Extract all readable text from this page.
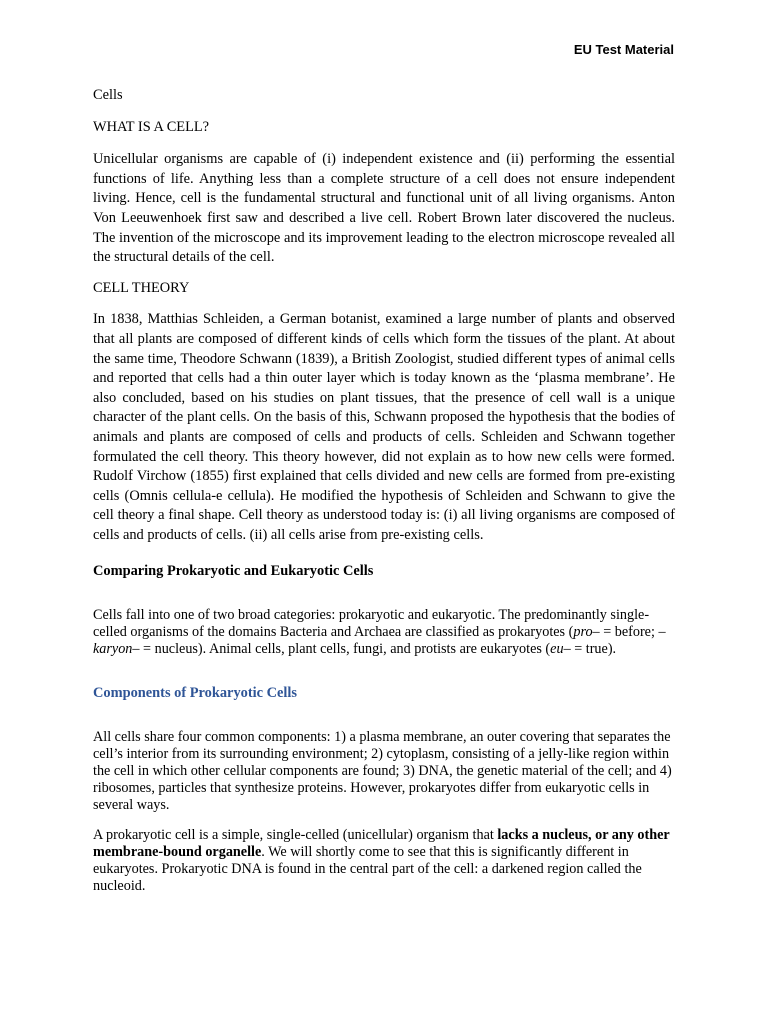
EU Test Material

Cells

WHAT IS A CELL?

Unicellular organisms are capable of (i) independent existence and (ii) performing the essential functions of life. Anything less than a complete structure of a cell does not ensure independent living. Hence, cell is the fundamental structural and functional unit of all living organisms. Anton Von Leeuwenhoek first saw and described a live cell. Robert Brown later discovered the nucleus. The invention of the microscope and its improvement leading to the electron microscope revealed all the structural details of the cell.

CELL THEORY

In 1838, Matthias Schleiden, a German botanist, examined a large number of plants and observed that all plants are composed of different kinds of cells which form the tissues of the plant. At about the same time, Theodore Schwann (1839), a British Zoologist, studied different types of animal cells and reported that cells had a thin outer layer which is today known as the ‘plasma membrane’. He also concluded, based on his studies on plant tissues, that the presence of cell wall is a unique character of the plant cells. On the basis of this, Schwann proposed the hypothesis that the bodies of animals and plants are composed of cells and products of cells. Schleiden and Schwann together formulated the cell theory. This theory however, did not explain as to how new cells were formed. Rudolf Virchow (1855) first explained that cells divided and new cells are formed from pre-existing cells (Omnis cellula-e cellula). He modified the hypothesis of Schleiden and Schwann to give the cell theory a final shape. Cell theory as understood today is: (i) all living organisms are composed of cells and products of cells. (ii) all cells arise from pre-existing cells.

Comparing Prokaryotic and Eukaryotic Cells

Cells fall into one of two broad categories: prokaryotic and eukaryotic. The predominantly single-celled organisms of the domains Bacteria and Archaea are classified as prokaryotes (pro– = before; –karyon– = nucleus). Animal cells, plant cells, fungi, and protists are eukaryotes (eu– = true).

Components of Prokaryotic Cells

All cells share four common components: 1) a plasma membrane, an outer covering that separates the cell’s interior from its surrounding environment; 2) cytoplasm, consisting of a jelly-like region within the cell in which other cellular components are found; 3) DNA, the genetic material of the cell; and 4) ribosomes, particles that synthesize proteins. However, prokaryotes differ from eukaryotic cells in several ways.

A prokaryotic cell is a simple, single-celled (unicellular) organism that lacks a nucleus, or any other membrane-bound organelle. We will shortly come to see that this is significantly different in eukaryotes. Prokaryotic DNA is found in the central part of the cell: a darkened region called the nucleoid.
